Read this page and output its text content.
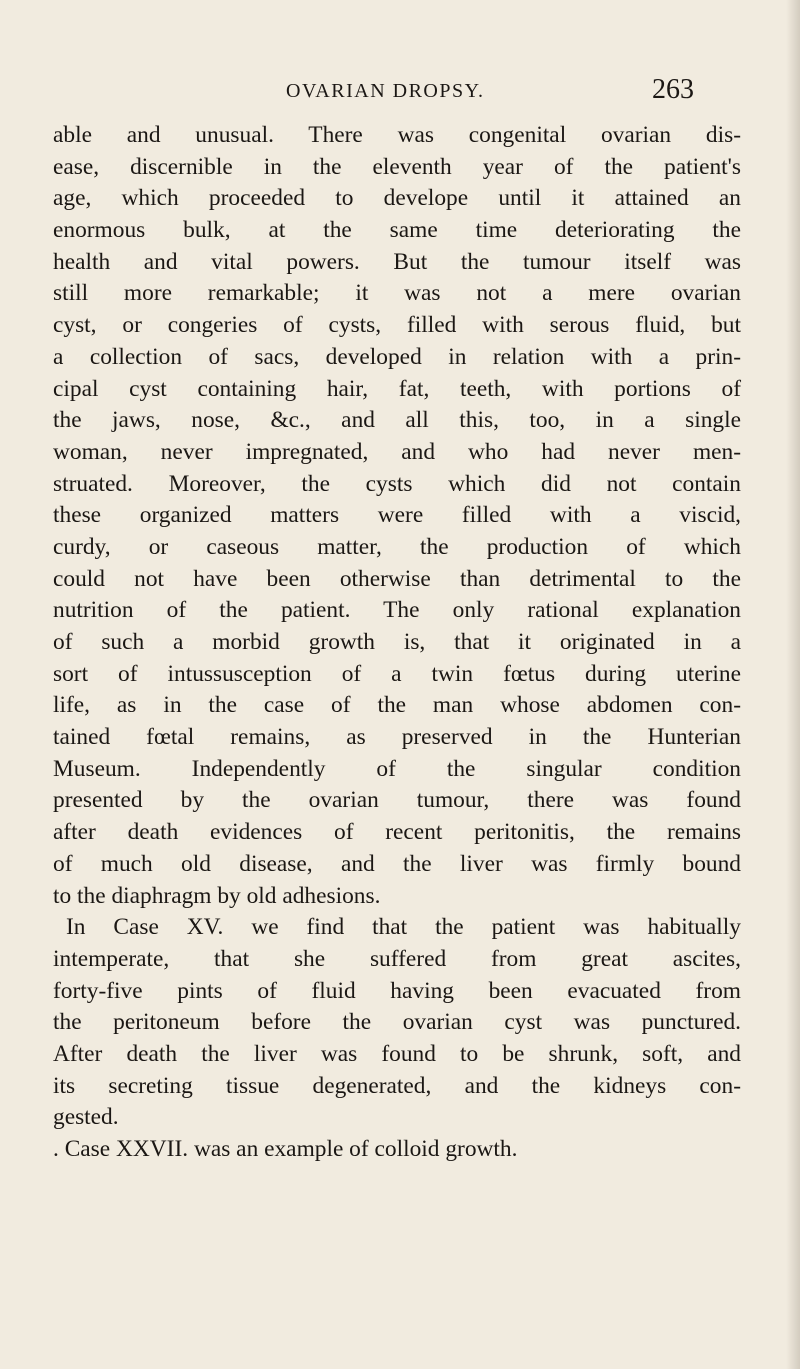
OVARIAN DROPSY.	263
able and unusual. There was congenital ovarian dis-
ease, discernible in the eleventh year of the patient's
age, which proceeded to develope until it attained an
enormous bulk, at the same time deteriorating the
health and vital powers. But the tumour itself was
still more remarkable; it was not a mere ovarian
cyst, or congeries of cysts, filled with serous fluid, but
a collection of sacs, developed in relation with a prin-
cipal cyst containing hair, fat, teeth, with portions of
the jaws, nose, &c., and all this, too, in a single
woman, never impregnated, and who had never men-
struated. Moreover, the cysts which did not contain
these organized matters were filled with a viscid,
curdy, or caseous matter, the production of which
could not have been otherwise than detrimental to the
nutrition of the patient. The only rational explanation
of such a morbid growth is, that it originated in a
sort of intussusception of a twin fœtus during uterine
life, as in the case of the man whose abdomen con-
tained fœtal remains, as preserved in the Hunterian
Museum. Independently of the singular condition
presented by the ovarian tumour, there was found
after death evidences of recent peritonitis, the remains
of much old disease, and the liver was firmly bound
to the diaphragm by old adhesions.
In Case XV. we find that the patient was habitually
intemperate, that she suffered from great ascites,
forty-five pints of fluid having been evacuated from
the peritoneum before the ovarian cyst was punctured.
After death the liver was found to be shrunk, soft, and
its secreting tissue degenerated, and the kidneys con-
gested.
. Case XXVII. was an example of colloid growth.
